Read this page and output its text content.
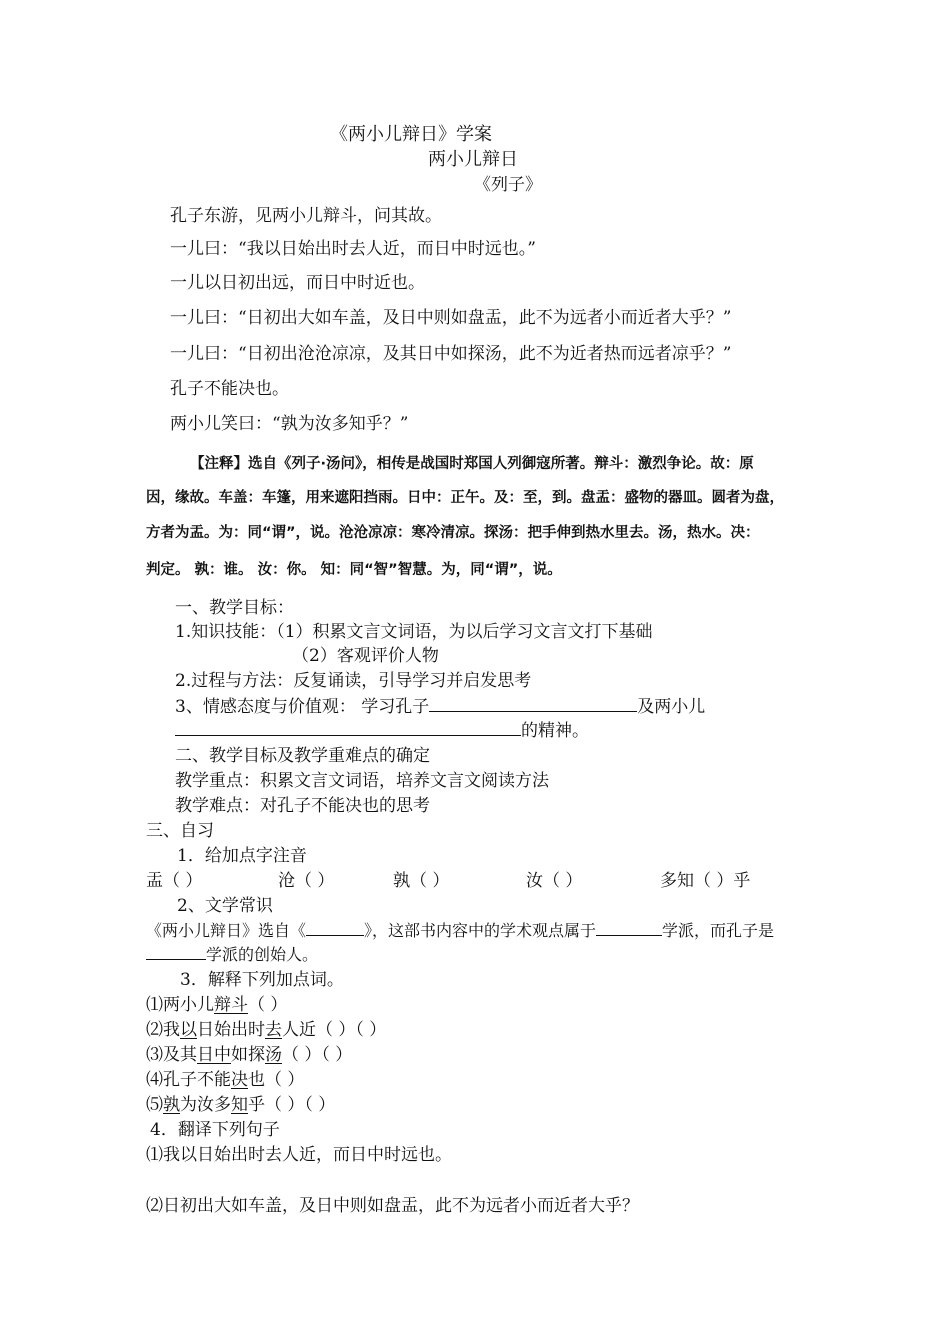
《两小儿辩日》学案
两小儿辩日
《列子》
孔子东游，见两小儿辩斗，问其故。
一儿曰：“我以日始出时去人近，而日中时远也。”
一儿以日初出远，而日中时近也。
一儿曰：“日初出大如车盖，及日中则如盘盂，此不为远者小而近者大乎？”
一儿曰：“日初出沧沧凉凉，及其日中如探汤，此不为近者热而远者凉乎？”
孔子不能决也。
两小儿笑曰：“孰为汝多知乎？”
【注释】选自《列子·汤问》，相传是战国时郑国人列御寇所著。辩斗：激烈争论。故：原
因，缘故。车盖：车篷，用来遮阳挡雨。日中：正午。及：至，到。盘盂：盛物的器皿。圆者为盘，
方者为盂。为：同“谓”，说。沧沧凉凉：寒冷清凉。探汤：把手伸到热水里去。汤，热水。决：
判定。 孰：谁。 汝：你。 知：同“智”智慧。为，同“谓”，说。
一、教学目标：
1.知识技能：（1）积累文言文词语，为以后学习文言文打下基础
（2）客观评价人物
2.过程与方法：反复诵读，引导学习并启发思考
3、情感态度与价值观： 学习孔子	及两小儿
的精神。
二、教学目标及教学重难点的确定
教学重点：积累文言文词语，培养文言文阅读方法
教学难点：对孔子不能决也的思考
三、自习
1．给加点字注音
盂（ ）	沧（ ）	孰（ ）	汝（ ）	多知（ ）乎
2、文学常识
《两小儿辩日》选自《	》，这部书内容中的学术观点属于	学派，而孔子是
学派的创始人。
3．解释下列加点词。
⑴两小儿辩斗（ ）
⑵我以日始出时去人近（ ）（ ）
⑶及其日中如探汤（ ）（ ）
⑷孔子不能决也（ ）
⑸孰为汝多知乎（ ）（ ）
4．翻译下列句子
⑴我以日始出时去人近，而日中时远也。
⑵日初出大如车盖，及日中则如盘盂，此不为远者小而近者大乎？
